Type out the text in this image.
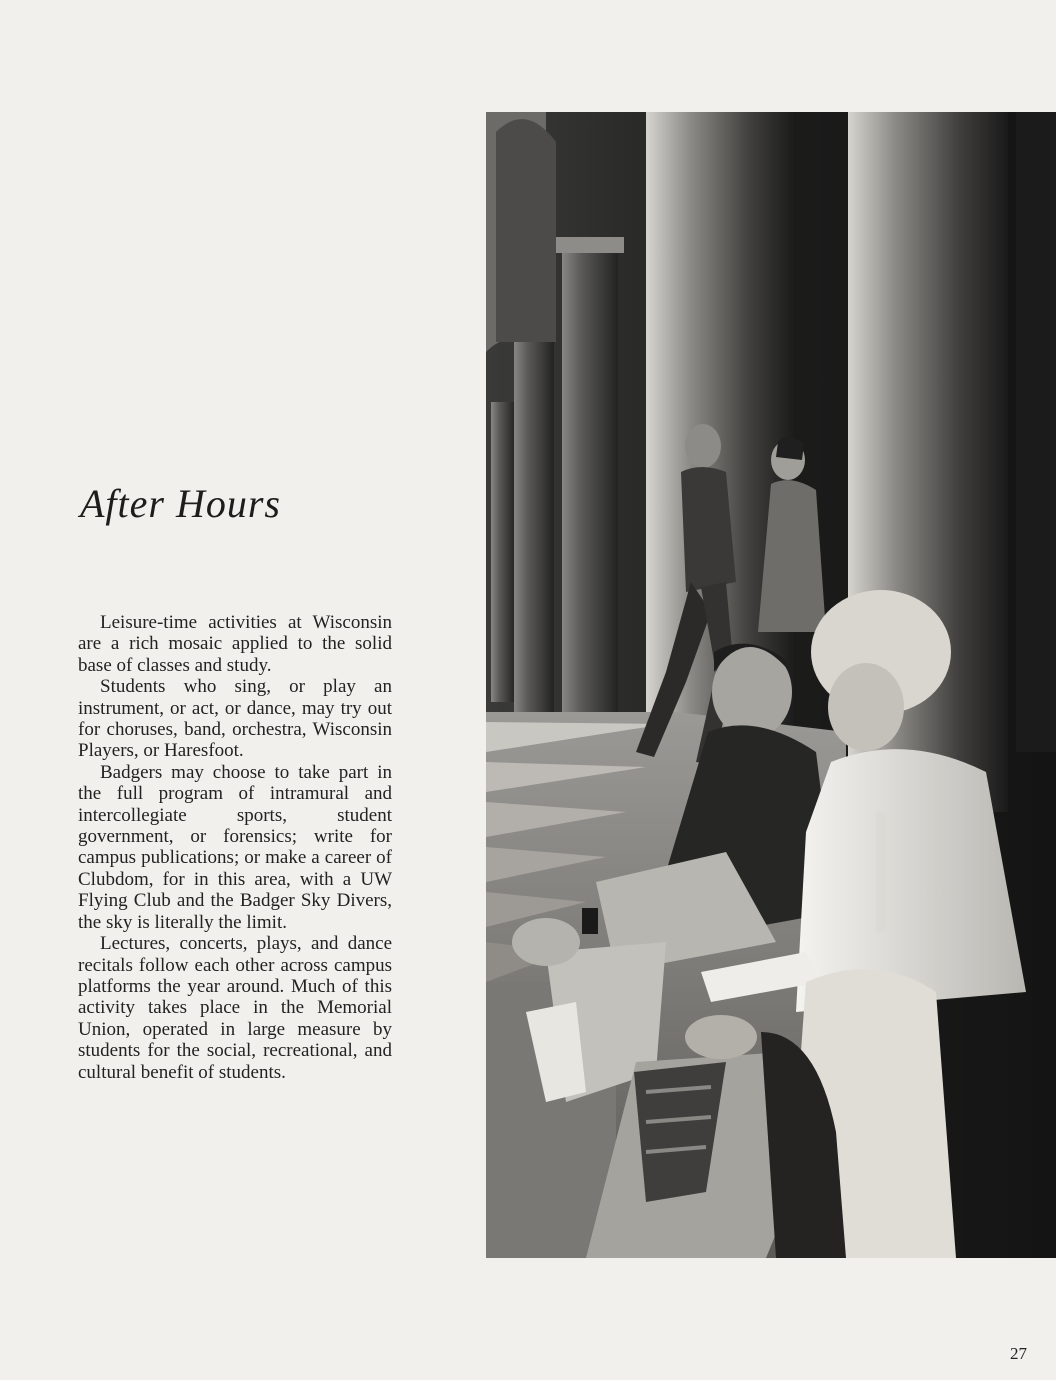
After Hours

Leisure-time activities at Wisconsin are a rich mosaic applied to the solid base of classes and study.

Students who sing, or play an instrument, or act, or dance, may try out for choruses, band, orchestra, Wisconsin Players, or Haresfoot.

Badgers may choose to take part in the full program of intramural and intercollegiate sports, student government, or forensics; write for campus publications; or make a career of Clubdom, for in this area, with a UW Flying Club and the Badger Sky Divers, the sky is literally the limit.

Lectures, concerts, plays, and dance recitals follow each other across campus platforms the year around. Much of this activity takes place in the Memorial Union, operated in large measure by students for the social, recreational, and cultural benefit of students.

27
